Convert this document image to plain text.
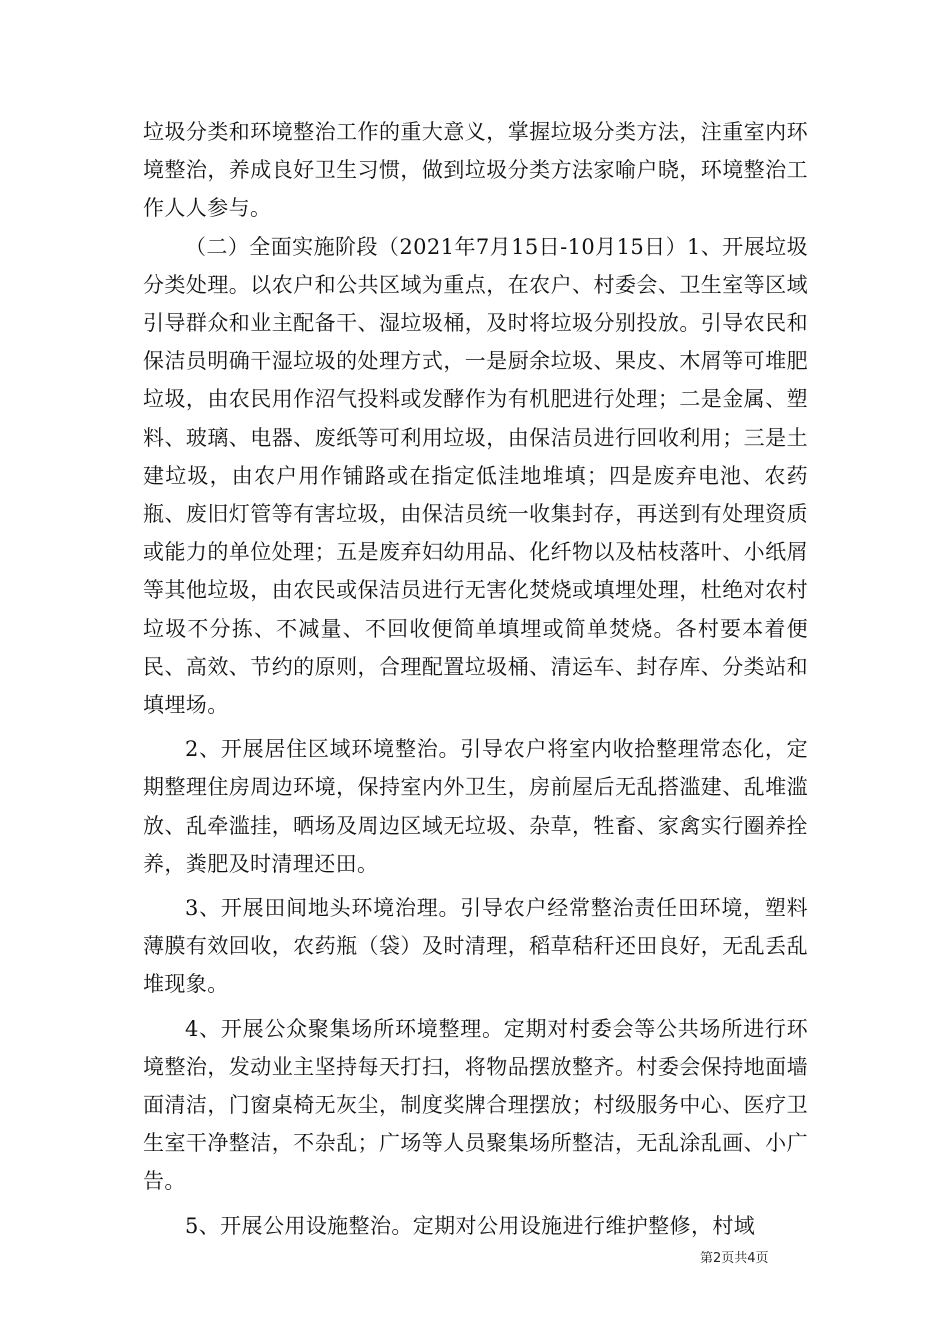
垃圾分类和环境整治工作的重大意义，掌握垃圾分类方法，注重室内环境整治，养成良好卫生习惯，做到垃圾分类方法家喻户晓，环境整治工作人人参与。

（二）全面实施阶段（2021年7月15日-10月15日）1、开展垃圾分类处理。以农户和公共区域为重点，在农户、村委会、卫生室等区域引导群众和业主配备干、湿垃圾桶，及时将垃圾分别投放。引导农民和保洁员明确干湿垃圾的处理方式，一是厨余垃圾、果皮、木屑等可堆肥垃圾，由农民用作沼气投料或发酵作为有机肥进行处理；二是金属、塑料、玻璃、电器、废纸等可利用垃圾，由保洁员进行回收利用；三是土建垃圾，由农户用作铺路或在指定低洼地堆填；四是废弃电池、农药瓶、废旧灯管等有害垃圾，由保洁员统一收集封存，再送到有处理资质或能力的单位处理；五是废弃妇幼用品、化纤物以及枯枝落叶、小纸屑等其他垃圾，由农民或保洁员进行无害化焚烧或填埋处理，杜绝对农村垃圾不分拣、不减量、不回收便简单填埋或简单焚烧。各村要本着便民、高效、节约的原则，合理配置垃圾桶、清运车、封存库、分类站和填埋场。

2、开展居住区域环境整治。引导农户将室内收拾整理常态化，定期整理住房周边环境，保持室内外卫生，房前屋后无乱搭滥建、乱堆滥放、乱牵滥挂，晒场及周边区域无垃圾、杂草，牲畜、家禽实行圈养拴养，粪肥及时清理还田。

3、开展田间地头环境治理。引导农户经常整治责任田环境，塑料薄膜有效回收，农药瓶（袋）及时清理，稻草秸秆还田良好，无乱丢乱堆现象。

4、开展公众聚集场所环境整理。定期对村委会等公共场所进行环境整治，发动业主坚持每天打扫，将物品摆放整齐。村委会保持地面墙面清洁，门窗桌椅无灰尘，制度奖牌合理摆放；村级服务中心、医疗卫生室干净整洁，不杂乱；广场等人员聚集场所整洁，无乱涂乱画、小广告。

5、开展公用设施整治。定期对公用设施进行维护整修，村域

第2页共4页
